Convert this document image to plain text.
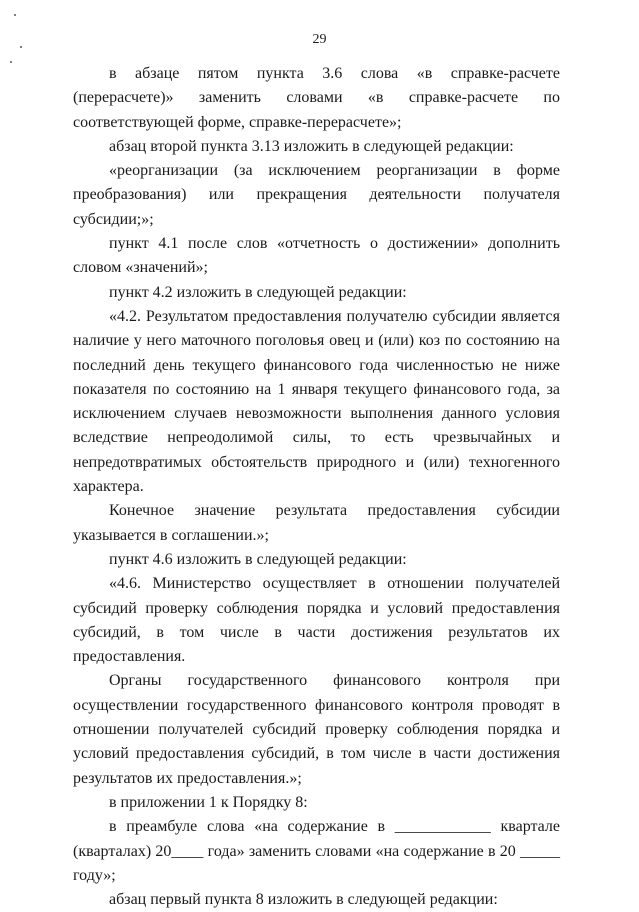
29

в абзаце пятом пункта 3.6 слова «в справке-расчете (перерасчете)» заменить словами «в справке-расчете по соответствующей форме, справке-перерасчете»;

абзац второй пункта 3.13 изложить в следующей редакции:

«реорганизации (за исключением реорганизации в форме преобразования) или прекращения деятельности получателя субсидии;»;

пункт 4.1 после слов «отчетность о достижении» дополнить словом «значений»;

пункт 4.2 изложить в следующей редакции:

«4.2. Результатом предоставления получателю субсидии является наличие у него маточного поголовья овец и (или) коз по состоянию на последний день текущего финансового года численностью не ниже показателя по состоянию на 1 января текущего финансового года, за исключением случаев невозможности выполнения данного условия вследствие непреодолимой силы, то есть чрезвычайных и непредотвратимых обстоятельств природного и (или) техногенного характера.

Конечное значение результата предоставления субсидии указывается в соглашении.»;

пункт 4.6 изложить в следующей редакции:

«4.6. Министерство осуществляет в отношении получателей субсидий проверку соблюдения порядка и условий предоставления субсидий, в том числе в части достижения результатов их предоставления.

Органы государственного финансового контроля при осуществлении государственного финансового контроля проводят в отношении получателей субсидий проверку соблюдения порядка и условий предоставления субсидий, в том числе в части достижения результатов их предоставления.»;

в приложении 1 к Порядку 8:

в преамбуле слова «на содержание в ____________ квартале (кварталах) 20____ года» заменить словами «на содержание в 20 _____ году»;

абзац первый пункта 8 изложить в следующей редакции:
